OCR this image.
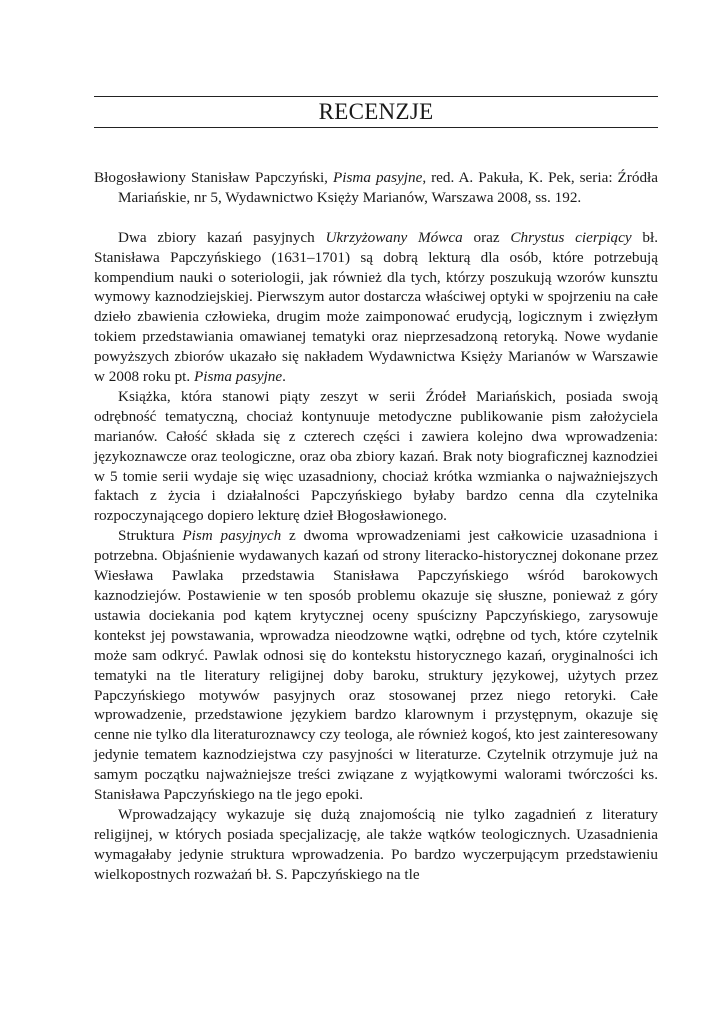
RECENZJE

Błogosławiony Stanisław Papczyński, Pisma pasyjne, red. A. Pakuła, K. Pek, seria: Źródła Mariańskie, nr 5, Wydawnictwo Księży Marianów, Warszawa 2008, ss. 192.

Dwa zbiory kazań pasyjnych Ukrzyżowany Mówca oraz Chrystus cierpiący bł. Stanisława Papczyńskiego (1631–1701) są dobrą lekturą dla osób, które potrzebują kompendium nauki o soteriologii, jak również dla tych, którzy poszukują wzorów kunsztu wymowy kaznodziejskiej. Pierwszym autor dostarcza właściwej optyki w spojrzeniu na całe dzieło zbawienia człowieka, drugim może zaimponować erudycją, logicznym i zwięzłym tokiem przedstawiania omawianej tematyki oraz nieprzesadzoną retoryką. Nowe wydanie powyższych zbiorów ukazało się nakładem Wydawnictwa Księży Marianów w Warszawie w 2008 roku pt. Pisma pasyjne.

Książka, która stanowi piąty zeszyt w serii Źródeł Mariańskich, posiada swoją odrębność tematyczną, chociaż kontynuuje metodyczne publikowanie pism założyciela marianów. Całość składa się z czterech części i zawiera kolejno dwa wprowadzenia: językoznawcze oraz teologiczne, oraz oba zbiory kazań. Brak noty biograficznej kaznodziei w 5 tomie serii wydaje się więc uzasadniony, chociaż krótka wzmianka o najważniejszych faktach z życia i działalności Papczyńskiego byłaby bardzo cenna dla czytelnika rozpoczynającego dopiero lekturę dzieł Błogosławionego.

Struktura Pism pasyjnych z dwoma wprowadzeniami jest całkowicie uzasadniona i potrzebna. Objaśnienie wydawanych kazań od strony literacko-historycznej dokonane przez Wiesława Pawlaka przedstawia Stanisława Papczyńskiego wśród barokowych kaznodziejów. Postawienie w ten sposób problemu okazuje się słuszne, ponieważ z góry ustawia dociekania pod kątem krytycznej oceny spuścizny Papczyńskiego, zarysowuje kontekst jej powstawania, wprowadza nieodzowne wątki, odrębne od tych, które czytelnik może sam odkryć. Pawlak odnosi się do kontekstu historycznego kazań, oryginalności ich tematyki na tle literatury religijnej doby baroku, struktury językowej, użytych przez Papczyńskiego motywów pasyjnych oraz stosowanej przez niego retoryki. Całe wprowadzenie, przedstawione językiem bardzo klarownym i przystępnym, okazuje się cenne nie tylko dla literaturoznawcy czy teologa, ale również kogoś, kto jest zainteresowany jedynie tematem kaznodziejstwa czy pasyjności w literaturze. Czytelnik otrzymuje już na samym początku najważniejsze treści związane z wyjątkowymi walorami twórczości ks. Stanisława Papczyńskiego na tle jego epoki.

Wprowadzający wykazuje się dużą znajomością nie tylko zagadnień z literatury religijnej, w których posiada specjalizację, ale także wątków teologicznych. Uzasadnienia wymagałaby jedynie struktura wprowadzenia. Po bardzo wyczerpującym przedstawieniu wielkopostnych rozważań bł. S. Papczyńskiego na tle
